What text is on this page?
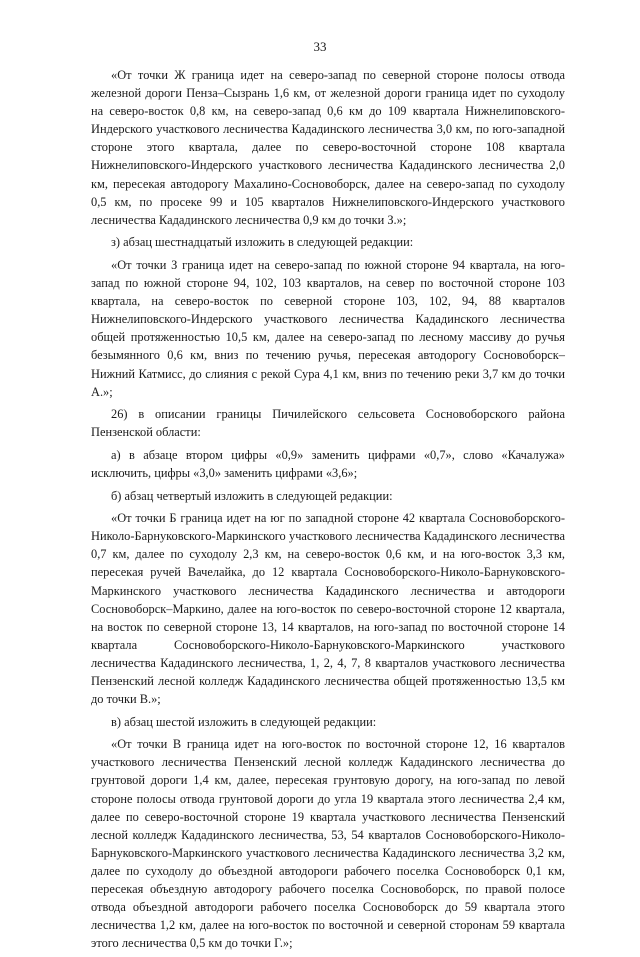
33

«От точки Ж граница идет на северо-запад по северной стороне полосы отвода железной дороги Пенза–Сызрань 1,6 км, от железной дороги граница идет по суходолу на северо-восток 0,8 км, на северо-запад 0,6 км до 109 квартала Нижнелиповского-Индерского участкового лесничества Кададинского лесничества 3,0 км, по юго-западной стороне этого квартала, далее по северо-восточной стороне 108 квартала Нижнелиповского-Индерского участкового лесничества Кададинского лесничества 2,0 км, пересекая автодорогу Махалино-Сосновоборск, далее на северо-запад по суходолу 0,5 км, по просеке 99 и 105 кварталов Нижнелиповского-Индерского участкового лесничества Кададинского лесничества 0,9 км до точки З.»;

з) абзац шестнадцатый изложить в следующей редакции:

«От точки З граница идет на северо-запад по южной стороне 94 квартала, на юго-запад по южной стороне 94, 102, 103 кварталов, на север по восточной стороне 103 квартала, на северо-восток по северной стороне 103, 102, 94, 88 кварталов Нижнелиповского-Индерского участкового лесничества Кададинского лесничества общей протяженностью 10,5 км, далее на северо-запад по лесному массиву до ручья безымянного 0,6 км, вниз по течению ручья, пересекая автодорогу Сосновоборск–Нижний Катмисс, до слияния с рекой Сура 4,1 км, вниз по течению реки 3,7 км до точки А.»;

26) в описании границы Пичилейского сельсовета Сосновоборского района Пензенской области:

а) в абзаце втором цифры «0,9» заменить цифрами «0,7», слово «Качалужа» исключить, цифры «3,0» заменить цифрами «3,6»;

б) абзац четвертый изложить в следующей редакции:

«От точки Б граница идет на юг по западной стороне 42 квартала Сосновоборского-Николо-Барнуковского-Маркинского участкового лесничества Кададинского лесничества 0,7 км, далее по суходолу 2,3 км, на северо-восток 0,6 км, и на юго-восток 3,3 км, пересекая ручей Вачелайка, до 12 квартала Сосновоборского-Николо-Барнуковского-Маркинского участкового лесничества Кададинского лесничества и автодороги Сосновоборск–Маркино, далее на юго-восток по северо-восточной стороне 12 квартала, на восток по северной стороне 13, 14 кварталов, на юго-запад по восточной стороне 14 квартала Сосновоборского-Николо-Барнуковского-Маркинского участкового лесничества Кададинского лесничества, 1, 2, 4, 7, 8 кварталов участкового лесничества Пензенский лесной колледж Кададинского лесничества общей протяженностью 13,5 км до точки В.»;

в) абзац шестой изложить в следующей редакции:

«От точки В граница идет на юго-восток по восточной стороне 12, 16 кварталов участкового лесничества Пензенский лесной колледж Кададинского лесничества до грунтовой дороги 1,4 км, далее, пересекая грунтовую дорогу, на юго-запад по левой стороне полосы отвода грунтовой дороги до угла 19 квартала этого лесничества 2,4 км, далее по северо-восточной стороне 19 квартала участкового лесничества Пензенский лесной колледж Кададинского лесничества, 53, 54 кварталов Сосновоборского-Николо-Барнуковского-Маркинского участкового лесничества Кададинского лесничества 3,2 км, далее по суходолу до объездной автодороги рабочего поселка Сосновоборск 0,1 км, пересекая объездную автодорогу рабочего поселка Сосновоборск, по правой полосе отвода объездной автодороги рабочего поселка Сосновоборск до 59 квартала этого лесничества 1,2 км, далее на юго-восток по восточной и северной сторонам 59 квартала этого лесничества 0,5 км до точки Г.»;
